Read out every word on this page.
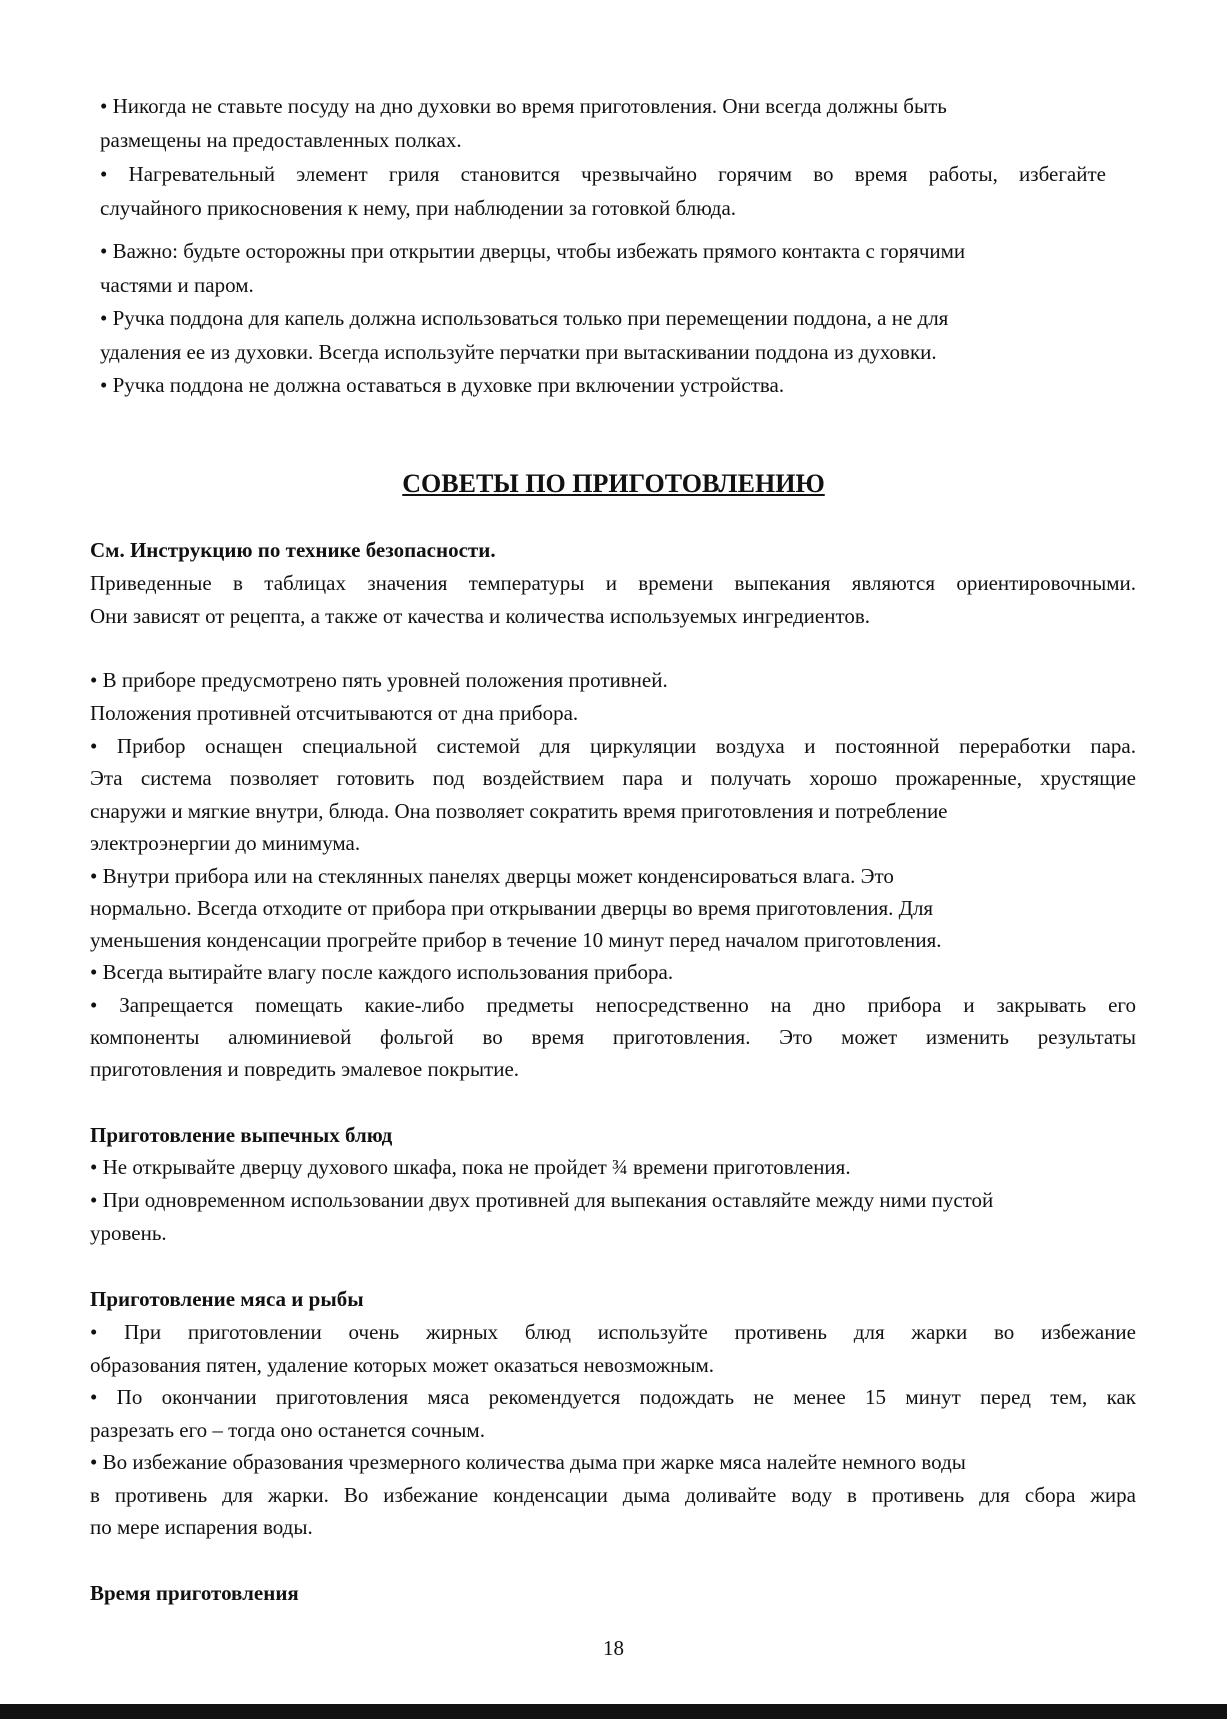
• Никогда не ставьте посуду на дно духовки во время приготовления. Они всегда должны быть
размещены на предоставленных полках.
• Нагревательный элемент гриля становится чрезвычайно горячим во время работы, избегайте
случайного прикосновения к нему, при наблюдении за готовкой блюда.
• Важно: будьте осторожны при открытии дверцы, чтобы избежать прямого контакта с горячими
частями и паром.
• Ручка поддона для капель должна использоваться только при перемещении поддона, а не для
удаления ее из духовки. Всегда используйте перчатки при вытаскивании поддона из духовки.
• Ручка поддона не должна оставаться в духовке при включении устройства.
СОВЕТЫ ПО ПРИГОТОВЛЕНИЮ
См. Инструкцию по технике безопасности.
Приведенные в таблицах значения температуры и времени выпекания являются ориентировочными.
Они зависят от рецепта, а также от качества и количества используемых ингредиентов.
• В приборе предусмотрено пять уровней положения противней.
Положения противней отсчитываются от дна прибора.
• Прибор оснащен специальной системой для циркуляции воздуха и постоянной переработки пара.
Эта система позволяет готовить под воздействием пара и получать хорошо прожаренные, хрустящие
снаружи и мягкие внутри, блюда. Она позволяет сократить время приготовления и потребление
электроэнергии до минимума.
• Внутри прибора или на стеклянных панелях дверцы может конденсироваться влага. Это
нормально. Всегда отходите от прибора при открывании дверцы во время приготовления. Для
уменьшения конденсации прогрейте прибор в течение 10 минут перед началом приготовления.
• Всегда вытирайте влагу после каждого использования прибора.
• Запрещается помещать какие-либо предметы непосредственно на дно прибора и закрывать его
компоненты алюминиевой фольгой во время приготовления. Это может изменить результаты
приготовления и повредить эмалевое покрытие.
Приготовление выпечных блюд
• Не открывайте дверцу духового шкафа, пока не пройдет ¾ времени приготовления.
• При одновременном использовании двух противней для выпекания оставляйте между ними пустой
уровень.
Приготовление мяса и рыбы
• При приготовлении очень жирных блюд используйте противень для жарки во избежание
образования пятен, удаление которых может оказаться невозможным.
• По окончании приготовления мяса рекомендуется подождать не менее 15 минут перед тем, как
разрезать его – тогда оно останется сочным.
• Во избежание образования чрезмерного количества дыма при жарке мяса налейте немного воды
в противень для жарки. Во избежание конденсации дыма доливайте воду в противень для сбора жира
по мере испарения воды.
Время приготовления
18
